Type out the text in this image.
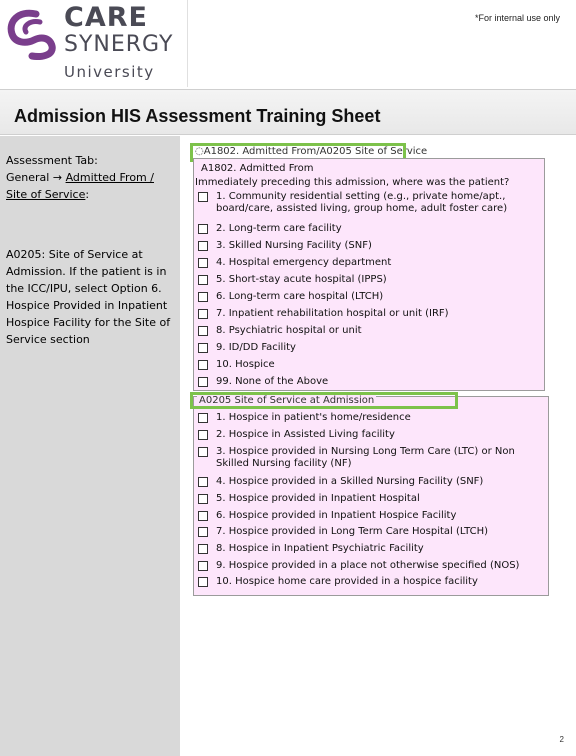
CARE
SYNERGY
University
*For internal use only
Admission HIS Assessment Training Sheet
Assessment Tab:
General → Admitted From / Site of Service:
A0205: Site of Service at Admission. If the patient is in the ICC/IPU, select Option 6. Hospice Provided in Inpatient Hospice Facility for the Site of Service section
◌A1802. Admitted From/A0205 Site of Service
A1802. Admitted From
Immediately preceding this admission, where was the patient?
1. Community residential setting (e.g., private home/apt., board/care, assisted living, group home, adult foster care)
2. Long-term care facility
3. Skilled Nursing Facility (SNF)
4. Hospital emergency department
5. Short-stay acute hospital (IPPS)
6. Long-term care hospital (LTCH)
7. Inpatient rehabilitation hospital or unit (IRF)
8. Psychiatric hospital or unit
9. ID/DD Facility
10. Hospice
99. None of the Above
1. Hospice in patient's home/residence
2. Hospice in Assisted Living facility
3. Hospice provided in Nursing Long Term Care (LTC) or Non Skilled Nursing facility (NF)
4. Hospice provided in a Skilled Nursing Facility (SNF)
5. Hospice provided in Inpatient Hospital
6. Hospice provided in Inpatient Hospice Facility
7. Hospice provided in Long Term Care Hospital (LTCH)
8. Hospice in Inpatient Psychiatric Facility
9. Hospice provided in a place not otherwise specified (NOS)
10. Hospice home care provided in a hospice facility
A0205 Site of Service at Admission
2
